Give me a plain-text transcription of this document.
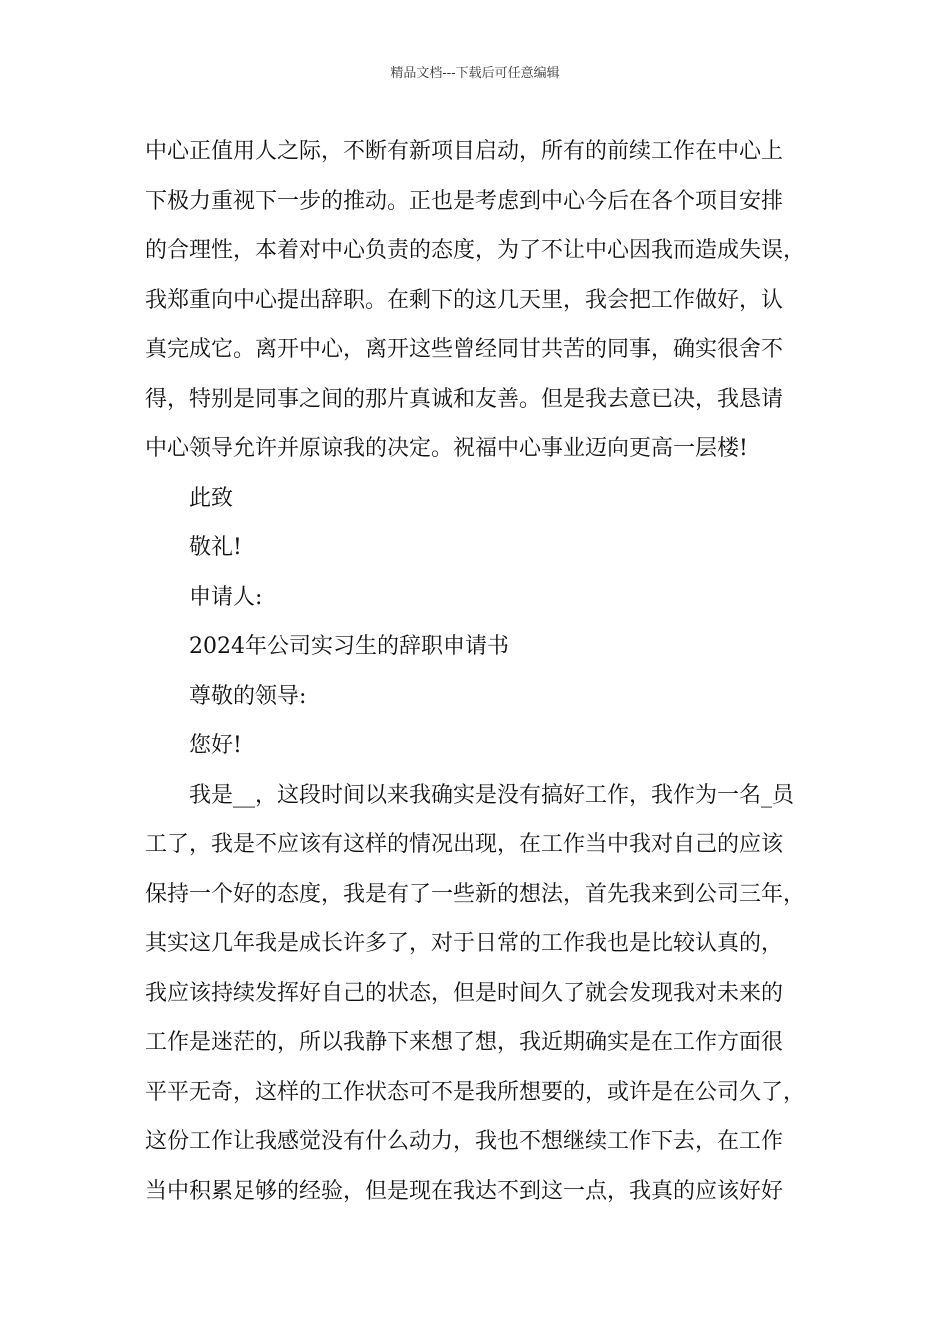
精品文档---下载后可任意编辑
中心正值用人之际，不断有新项目启动，所有的前续工作在中心上
下极力重视下一步的推动。正也是考虑到中心今后在各个项目安排
的合理性，本着对中心负责的态度，为了不让中心因我而造成失误，
我郑重向中心提出辞职。在剩下的这几天里，我会把工作做好，认
真完成它。离开中心，离开这些曾经同甘共苦的同事，确实很舍不
得，特别是同事之间的那片真诚和友善。但是我去意已决，我恳请
中心领导允许并原谅我的决定。祝福中心事业迈向更高一层楼!
此致
敬礼!
申请人:
2024年公司实习生的辞职申请书
尊敬的领导:
您好!
我是__，这段时间以来我确实是没有搞好工作，我作为一名_员
工了，我是不应该有这样的情况出现，在工作当中我对自己的应该
保持一个好的态度，我是有了一些新的想法，首先我来到公司三年，
其实这几年我是成长许多了，对于日常的工作我也是比较认真的，
我应该持续发挥好自己的状态，但是时间久了就会发现我对未来的
工作是迷茫的，所以我静下来想了想，我近期确实是在工作方面很
平平无奇，这样的工作状态可不是我所想要的，或许是在公司久了，
这份工作让我感觉没有什么动力，我也不想继续工作下去，在工作
当中积累足够的经验，但是现在我达不到这一点，我真的应该好好
